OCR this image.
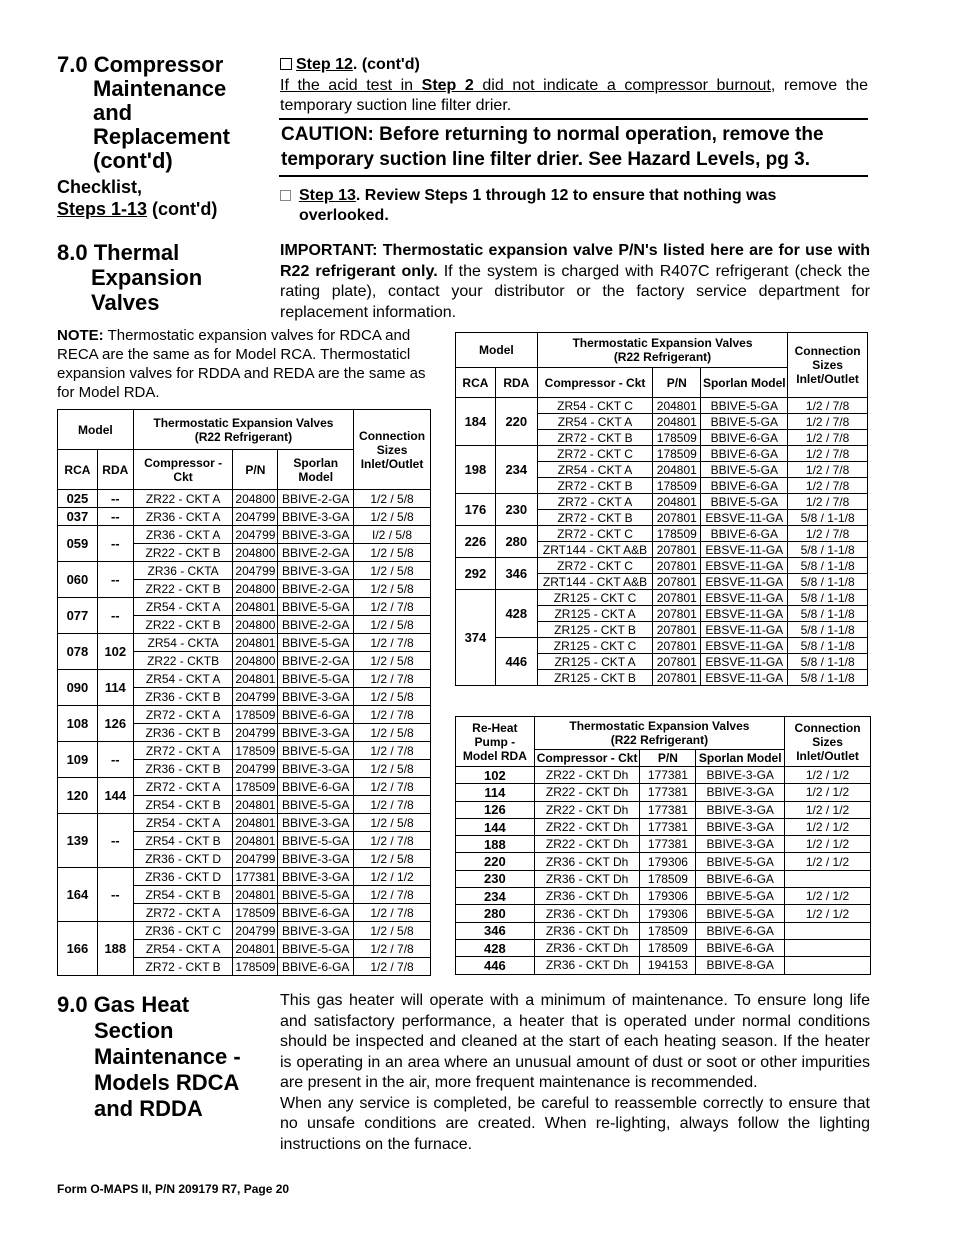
7.0 Compressor
Maintenance
and
Replacement
(cont'd)
Checklist,
Steps 1-13 (cont'd)
Step 12. (cont'd)
If the acid test in Step 2 did not indicate a compressor burnout, remove the temporary suction line filter drier.
CAUTION: Before returning to normal operation, remove the temporary suction line filter drier. See Hazard Levels, pg 3.
Step 13. Review Steps 1 through 12 to ensure that nothing was overlooked.
8.0 Thermal
Expansion
Valves
IMPORTANT: Thermostatic expansion valve P/N's listed here are for use with R22 refrigerant only. If the system is charged with R407C refrigerant (check the rating plate), contact your distributor or the factory service department for replacement information.
NOTE: Thermostatic expansion valves for RDCA and RECA are the same as for Model RCA. Thermostaticl expansion valves for RDDA and REDA are the same as for Model RDA.
Model		Thermostatic Expansion Valves
(R22 Refrigerant)			Connection Sizes Inlet/Outlet
RCA	RDA	Compressor - Ckt	P/N	Sporlan Model	
025	--	ZR22 - CKT A	204800	BBIVE-2-GA	1/2 / 5/8
037	--	ZR36 - CKT A	204799	BBIVE-3-GA	1/2 / 5/8
059	--	ZR36 - CKT A	204799	BBIVE-3-GA	I/2 / 5/8
		ZR22 - CKT B	204800	BBIVE-2-GA	1/2 / 5/8
060	--	ZR36 - CKTA	204799	BBIVE-3-GA	1/2 / 5/8
		ZR22 - CKT B	204800	BBIVE-2-GA	1/2 / 5/8
077	--	ZR54 - CKT A	204801	BBIVE-5-GA	1/2 / 7/8
		ZR22 - CKT B	204800	BBIVE-2-GA	1/2 / 5/8
078	102	ZR54 - CKTA	204801	BBIVE-5-GA	1/2 / 7/8
		ZR22 - CKTB	204800	BBIVE-2-GA	1/2 / 5/8
090	114	ZR54 - CKT A	204801	BBIVE-5-GA	1/2 / 7/8
		ZR36 - CKT B	204799	BBIVE-3-GA	1/2 / 5/8
108	126	ZR72 - CKT A	178509	BBIVE-6-GA	1/2 / 7/8
		ZR36 - CKT B	204799	BBIVE-3-GA	1/2 / 5/8
109	--	ZR72 - CKT A	178509	BBIVE-5-GA	1/2 / 7/8
		ZR36 - CKT B	204799	BBIVE-3-GA	1/2 / 5/8
120	144	ZR72 - CKT A	178509	BBIVE-6-GA	1/2 / 7/8
		ZR54 - CKT B	204801	BBIVE-5-GA	1/2 / 7/8
139	--	ZR54 - CKT A	204801	BBIVE-3-GA	1/2 / 5/8
		ZR54 - CKT B	204801	BBIVE-5-GA	1/2 / 7/8
		ZR36 - CKT D	204799	BBIVE-3-GA	1/2 / 5/8
164	--	ZR36 - CKT D	177381	BBIVE-3-GA	1/2 / 1/2
		ZR54 - CKT B	204801	BBIVE-5-GA	1/2 / 7/8
		ZR72 - CKT A	178509	BBIVE-6-GA	1/2 / 7/8
166	188	ZR36 - CKT C	204799	BBIVE-3-GA	1/2 / 5/8
		ZR54 - CKT A	204801	BBIVE-5-GA	1/2 / 7/8
		ZR72 - CKT B	178509	BBIVE-6-GA	1/2 / 7/8
Model		Thermostatic Expansion Valves
(R22 Refrigerant)			Connection Sizes Inlet/Outlet
RCA	RDA	Compressor - Ckt	P/N	Sporlan Model	
184	220	ZR54 - CKT C	204801	BBIVE-5-GA	1/2 / 7/8
		ZR54 - CKT A	204801	BBIVE-5-GA	1/2 / 7/8
		ZR72 - CKT B	178509	BBIVE-6-GA	1/2 / 7/8
198	234	ZR72 - CKT C	178509	BBIVE-6-GA	1/2 / 7/8
		ZR54 - CKT A	204801	BBIVE-5-GA	1/2 / 7/8
		ZR72 - CKT B	178509	BBIVE-6-GA	1/2 / 7/8
176	230	ZR72 - CKT A	204801	BBIVE-5-GA	1/2 / 7/8
		ZR72 - CKT B	207801	EBSVE-11-GA	5/8 / 1-1/8
226	280	ZR72 - CKT C	178509	BBIVE-6-GA	1/2 / 7/8
		ZRT144 - CKT A&B	207801	EBSVE-11-GA	5/8 / 1-1/8
292	346	ZR72 - CKT C	207801	EBSVE-11-GA	5/8 / 1-1/8
		ZRT144 - CKT A&B	207801	EBSVE-11-GA	5/8 / 1-1/8
374	428	ZR125 - CKT C	207801	EBSVE-11-GA	5/8 / 1-1/8
		ZR125 - CKT A	207801	EBSVE-11-GA	5/8 / 1-1/8
		ZR125 - CKT B	207801	EBSVE-11-GA	5/8 / 1-1/8
	446	ZR125 - CKT C	207801	EBSVE-11-GA	5/8 / 1-1/8
		ZR125 - CKT A	207801	EBSVE-11-GA	5/8 / 1-1/8
		ZR125 - CKT B	207801	EBSVE-11-GA	5/8 / 1-1/8
Re-Heat Pump - Model RDA	Thermostatic Expansion Valves
(R22 Refrigerant)			Connection Sizes Inlet/Outlet
	Compressor - Ckt	P/N	Sporlan Model	
102	ZR22 - CKT Dh	177381	BBIVE-3-GA	1/2 / 1/2
114	ZR22 - CKT Dh	177381	BBIVE-3-GA	1/2 / 1/2
126	ZR22 - CKT Dh	177381	BBIVE-3-GA	1/2 / 1/2
144	ZR22 - CKT Dh	177381	BBIVE-3-GA	1/2 / 1/2
188	ZR22 - CKT Dh	177381	BBIVE-3-GA	1/2 / 1/2
220	ZR36 - CKT Dh	179306	BBIVE-5-GA	1/2 / 1/2
230	ZR36 - CKT Dh	178509	BBIVE-6-GA	
234	ZR36 - CKT Dh	179306	BBIVE-5-GA	1/2 / 1/2
280	ZR36 - CKT Dh	179306	BBIVE-5-GA	1/2 / 1/2
346	ZR36 - CKT Dh	178509	BBIVE-6-GA	
428	ZR36 - CKT Dh	178509	BBIVE-6-GA	
446	ZR36 - CKT Dh	194153	BBIVE-8-GA	
9.0 Gas Heat
Section
Maintenance -
Models RDCA
and RDDA
This gas heater will operate with a minimum of maintenance. To ensure long life and satisfactory performance, a heater that is operated under normal conditions should be inspected and cleaned at the start of each heating season. If the heater is operating in an area where an unusual amount of dust or soot or other impurities are present in the air, more frequent maintenance is recommended.
When any service is completed, be careful to reassemble correctly to ensure that no unsafe conditions are created. When re-lighting, always follow the lighting instructions on the furnace.
Form O-MAPS II, P/N 209179 R7, Page 20
